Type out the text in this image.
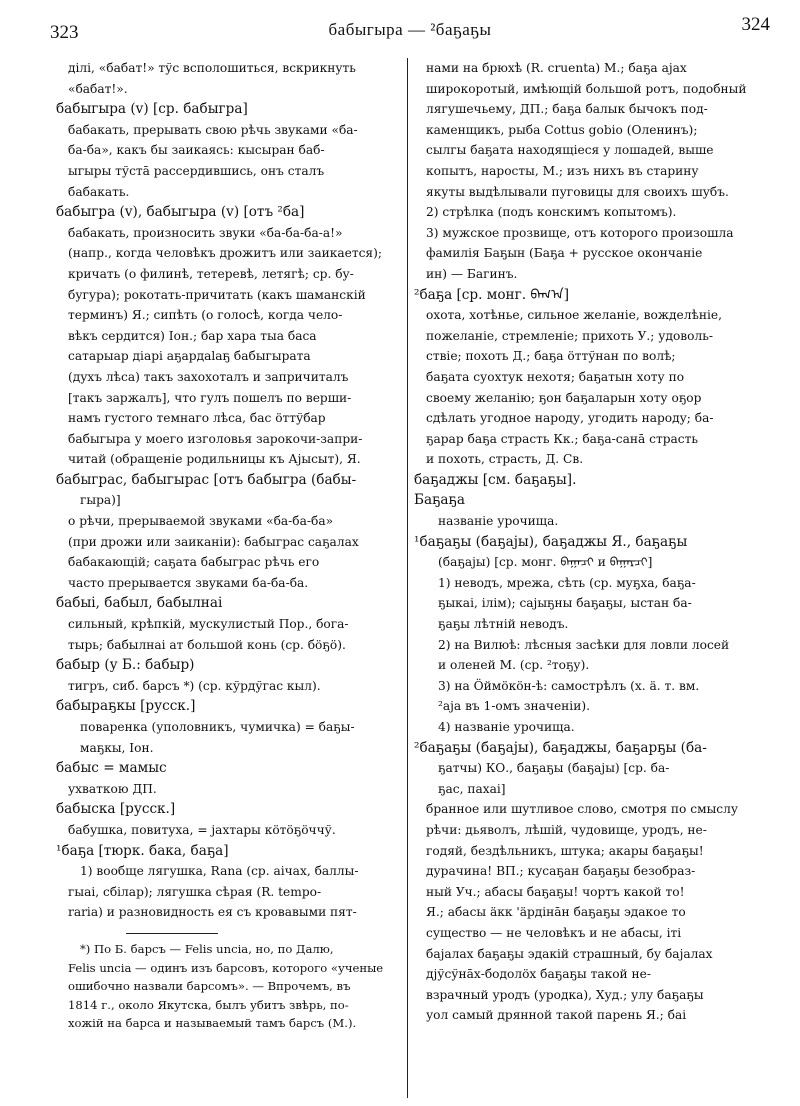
323	бабыгыра — ²баҕаҕы	324
ділі, «бабат!» тўс всполошиться, вскрикнуть
«бабат!».
бабыгыра (v) [ср. бабыгра]
бабакать, прерывать свою рѣчь звуками «ба-
ба-ба», какъ бы заикаясь: кысыран баб-
ыгыры тўстā рассердившись, онъ сталъ
бабакать.
бабыгра (v), бабыгыра (v) [отъ ²ба]
бабакать, произносить звуки «ба-ба-ба-а!»
(напр., когда человѣкъ дрожитъ или заикается);
кричать (о филинѣ, тетеревѣ, летягѣ; ср. бу-
бугура); рокотать-причитать (какъ шаманскій
терминъ) Я.; сипѣть (о голосѣ, когда чело-
вѣкъ сердится) Іон.; бар хара тыа баса
сатарыар дiарi аҕардаlаҕ бабыгырата
(духъ лѣса) такъ захохоталъ и запричиталъ
[такъ заржалъ], что гулъ пошелъ по верши-
намъ густого темнаго лѣса, бас öттўбар
бабыгыра у моего изголовья зарокочи-запри-
читай (обращеніе родильницы къ Ајысыт), Я.
бабыграс, бабыгырас [отъ бабыгра (бабы-
гыра)]
о рѣчи, прерываемой звуками «ба-ба-ба»
(при дрожи или заиканіи): бабыграс саҕалах
бабакающій; саҕата бабыграс рѣчь его
часто прерывается звуками ба-ба-ба.
бабыі, бабыл, бабылнаі
сильный, крѣпкій, мускулистый Пор., бога-
тырь; бабылнаі ат большой конь (ср. бöҕö).
бабыр (у Б.: бабыр)
тигръ, сиб. барсъ *) (ср. кўрдўгас кыл).
бабыраҕкы [русск.]
поваренка (уполовникъ, чумичка) = баҕы-
маҕкы, Іон.
бабыс = мамыс
ухваткою ДП.
бабыска [русск.]
бабушка, повитуха, = јахтары кöтöҕöччў.
¹баҕа [тюрк. бака, баҕа]
1) вообще лягушка, Rana (ср. аiчах, баллы-
гыаi, сбiлар); лягушка сѣрая (R. tempo-
raria) и разновидность ея съ кровавыми пят-
*) По Б. барсъ — Felis uncia, но, по Далю,
Felis uncia — одинъ изъ барсовъ, которого «ученые
ошибочно назвали барсомъ». — Впрочемъ, въ
1814 г., около Якутска, былъ убитъ звѣрь, по-
хожій на барса и называемый тамъ барсъ (М.).
нами на брюхѣ (R. cruenta) М.; баҕа аjах
широкоротый, имѣющій большой ротъ, подобный
лягушечьему, ДП.; баҕа балык бычокъ под-
каменщикъ, рыба Cottus gobio (Оленинъ);
сылгы баҕата находящіеся у лошадей, выше
копытъ, наросты, М.; изъ нихъ въ старину
якуты выдѣлывали пуговицы для своихъ шубъ.
2) стрѣлка (подъ конскимъ копытомъ).
3) мужское прозвище, отъ которого произошла
фамилія Баҕын (Баҕа + русское окончаніе
ин) — Багинъ.
²баҕа [ср. монг. ᠪᠠᠭ᠎ᠠ]
охота, хотѣнье, сильное желаніе, вожделѣніе,
пожеланіе, стремленіе; прихоть У.; удоволь-
ствіе; похоть Д.; баҕа öттўнан по волѣ;
баҕата суохтук нехотя; баҕатын хоту по
своему желанію; ҕон баҕаларын хоту оҕор
сдѣлать угодное народу, угодить народу; ба-
ҕарар баҕа страсть Кк.; баҕа-санā страсть
и похоть, страсть, Д. Св.
баҕаджы [см. баҕаҕы].
Баҕаҕа
названіе урочища.
¹баҕаҕы (баҕаjы), баҕаджы Я., баҕаҕы
(баҕаjы) [ср. монг. ᠪᠠᠭᠠᠴᠢ и ᠪᠠᠭᠠᠷᠴᠢ]
1) неводъ, мрежа, сѣть (ср. муҕха, баҕа-
ҕыкаi, iлiм); саjыҕны баҕаҕы, ыстан ба-
ҕаҕы лѣтній неводъ.
2) на Вилюѣ: лѣсныя засѣки для ловли лосей
и оленей М. (ср. ²тоҕу).
3) на Öймöкöн-ѣ: самострѣлъ (х. ä. т. вм.
²аја въ 1-омъ значеніи).
4) названіе урочища.
²баҕаҕы (баҕаjы), баҕаджы, баҕарҕы (ба-
ҕатчы) КО., баҕаҕы (баҕаjы) [ср. ба-
ҕас, пахаi]
бранное или шутливое слово, смотря по смыслу
рѣчи: дьяволъ, лѣшій, чудовище, уродъ, не-
годяй, бездѣльникъ, штука; акары баҕаҕы!
дурачина! ВП.; кусаҕан баҕаҕы безобраз-
ный Уч.; абасы баҕаҕы! чортъ какой то!
Я.; абасы äкк 'äрдiнāн баҕаҕы эдакое то
существо — не человѣкъ и не абасы, iтi
баjалах баҕаҕы эдакій страшный, бу баjалах
дjўсўнāх-бодолöх баҕаҕы такой не-
взрачный уродъ (уродка), Худ.; улу баҕаҕы
уол самый дрянной такой парень Я.; баi
